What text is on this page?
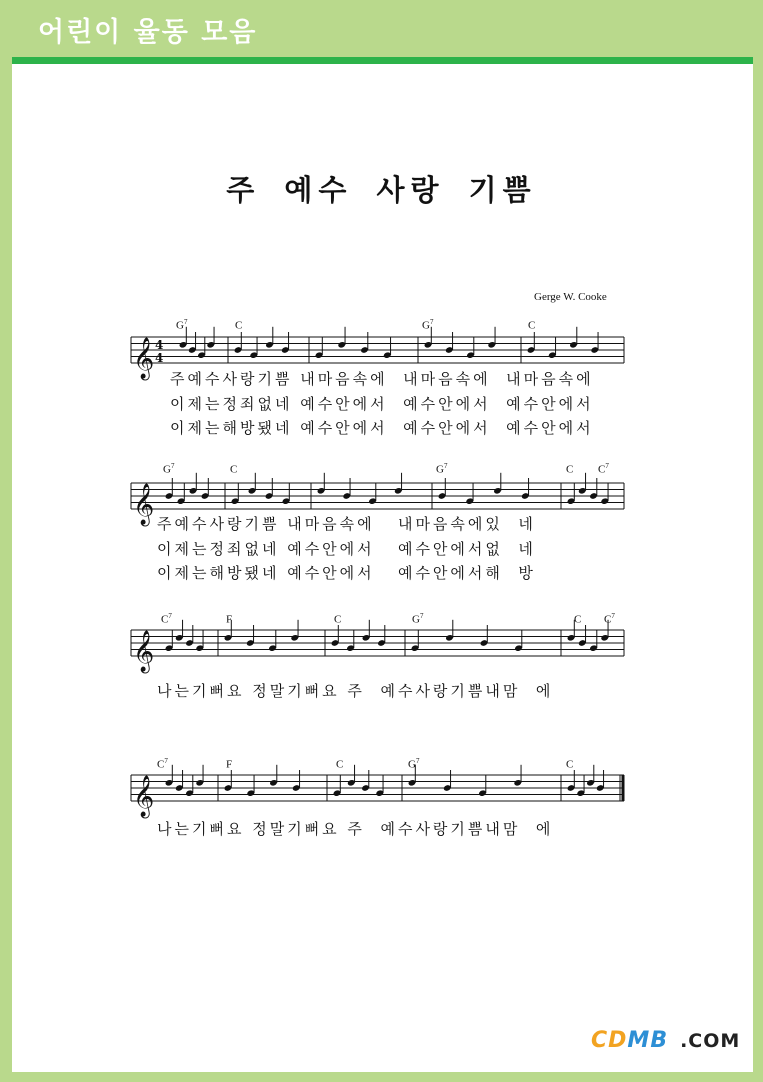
어린이 율동 모음
주 예수 사랑 기쁨
Gerge W. Cooke
𝄞 4
4
𝄞
𝄞
𝄞
$G^7$	C	$G^7$	C
주예수사랑기쁨 내마음속에  내마음속에  내마음속에
이제는정죄없네 예수안에서  예수안에서  예수안에서
이제는해방됐네 예수안에서  예수안에서  예수안에서
$G^7$	C	$G^7$	C $C^7$
주예수사랑기쁨 내마음속에   내마음속에있  네
이제는정죄없네 예수안에서   예수안에서없  네
이제는해방됐네 예수안에서   예수안에서해  방
$C^7$	F	C	$G^7$	C $C^7$
나는기뻐요 정말기뻐요 주  예수사랑기쁨내맘  에
$C^7$	F	C	$G^7$	C
나는기뻐요 정말기뻐요 주  예수사랑기쁨내맘  에
CDMB .COM
